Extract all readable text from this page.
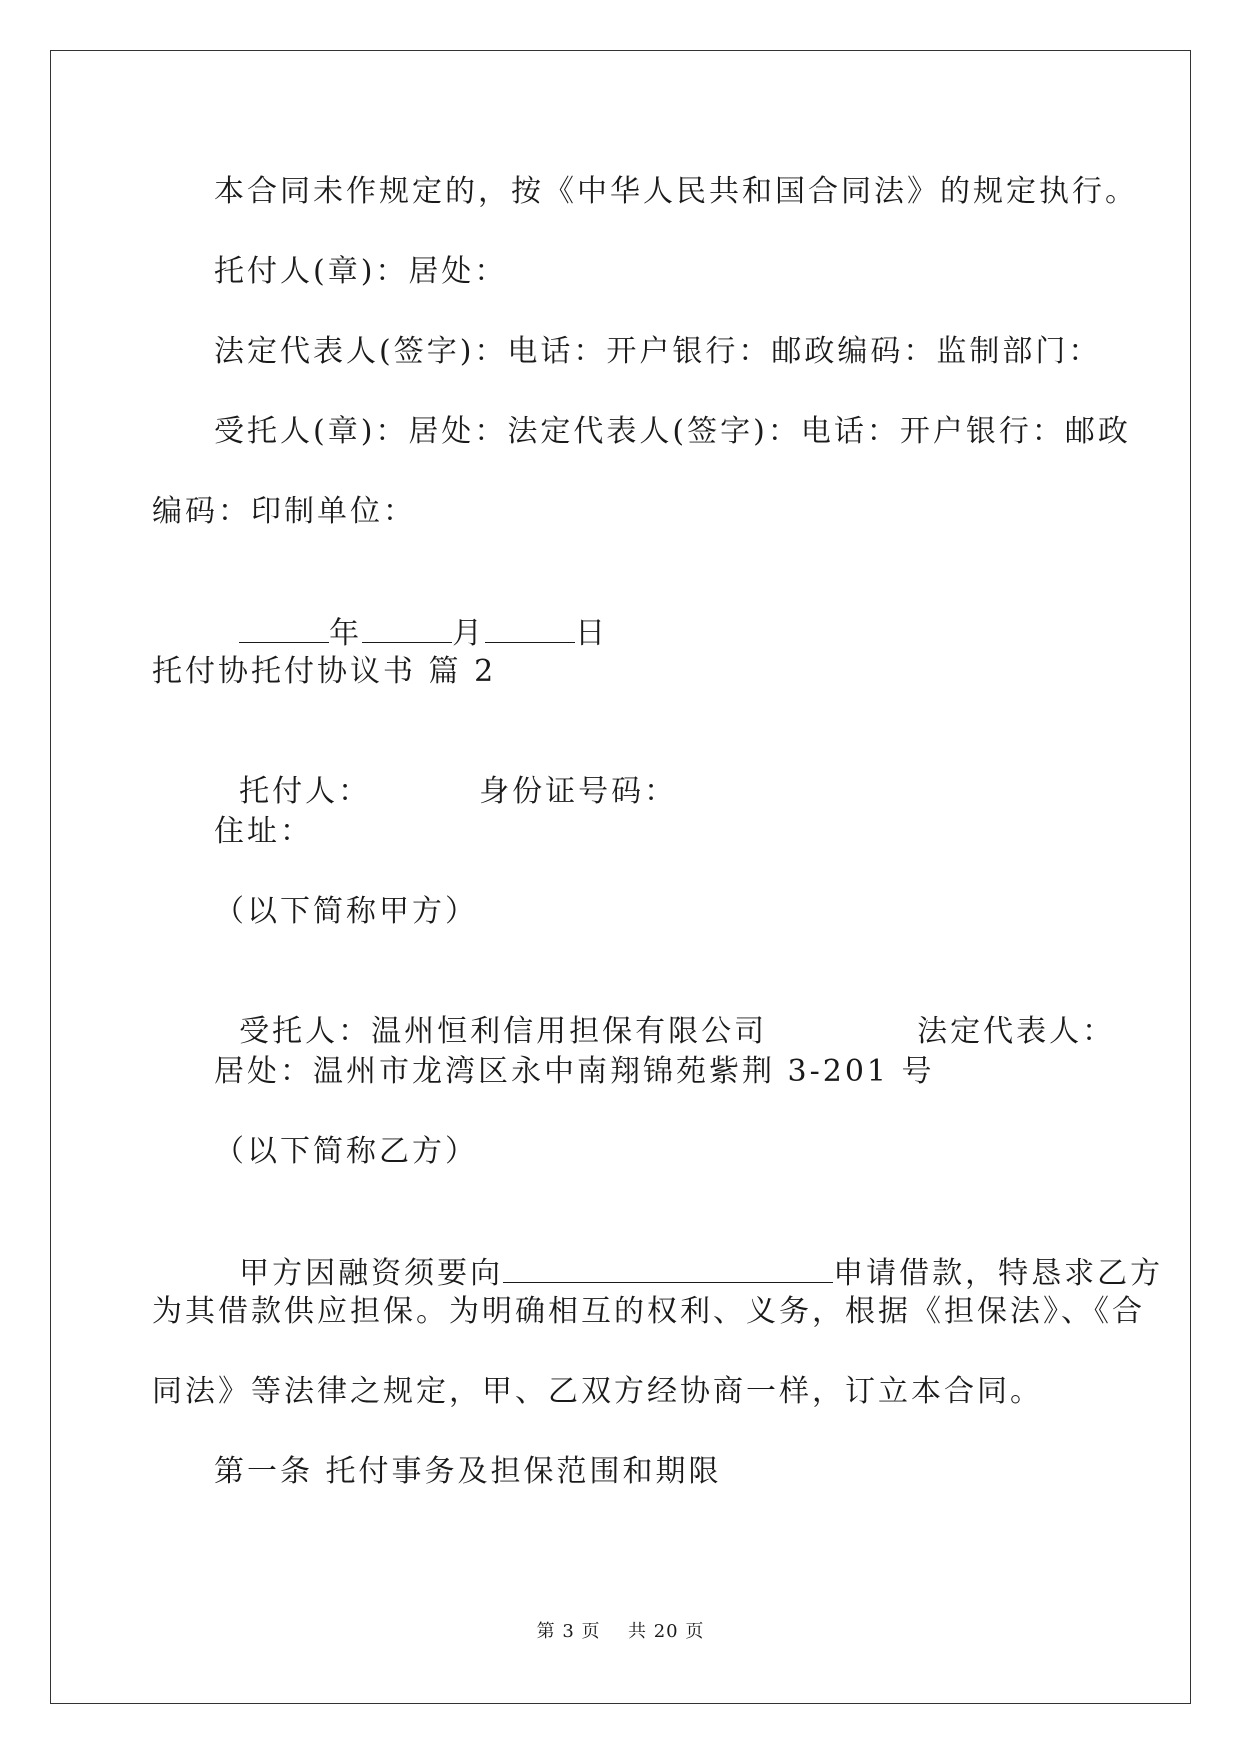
本合同未作规定的，按《中华人民共和国合同法》的规定执行。
托付人(章)：居处：
法定代表人(签字)：电话：开户银行：邮政编码：监制部门：
受托人(章)：居处：法定代表人(签字)：电话：开户银行：邮政
编码：印制单位：

年	月	日

托付协托付协议书 篇 2

托付人：	身份证号码：

住址：
（以下简称甲方）

受托人：温州恒利信用担保有限公司	法定代表人：

居处：温州市龙湾区永中南翔锦苑紫荆 3-201 号
（以下简称乙方）

甲方因融资须要向	申请借款，特恳求乙方

为其借款供应担保。为明确相互的权利、义务，根据《担保法》、《合
同法》等法律之规定，甲、乙双方经协商一样，订立本合同。
第一条 托付事务及担保范围和期限
第 3 页 共 20 页
